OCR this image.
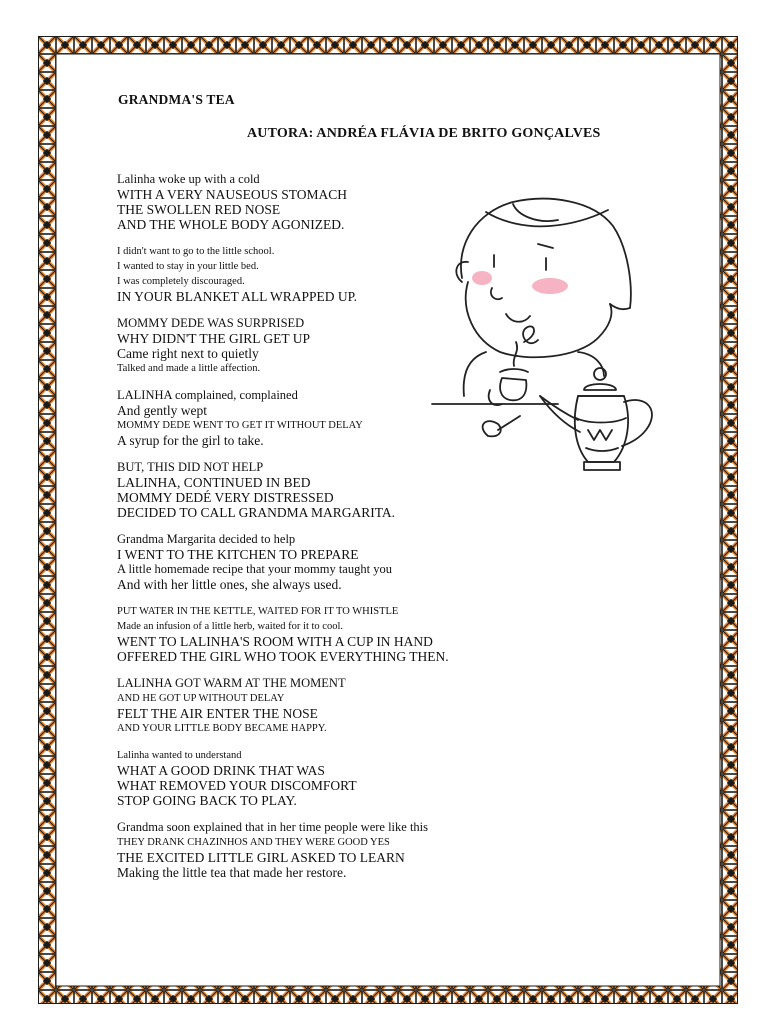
GRANDMA'S TEA
AUTORA: ANDRÉA FLÁVIA DE BRITO GONÇALVES

Lalinha woke up with a cold
WITH A VERY NAUSEOUS STOMACH
THE SWOLLEN RED NOSE
AND THE WHOLE BODY AGONIZED.

I didn't want to go to the little school.
I wanted to stay in your little bed.
I was completely discouraged.
IN YOUR BLANKET ALL WRAPPED UP.

MOMMY DEDE WAS SURPRISED
WHY DIDN'T THE GIRL GET UP
Came right next to quietly
Talked and made a little affection.

LALINHA complained, complained
And gently wept
MOMMY DEDE WENT TO GET IT WITHOUT DELAY
A syrup for the girl to take.

BUT, THIS DID NOT HELP
LALINHA, CONTINUED IN BED
MOMMY DEDÉ VERY DISTRESSED
DECIDED TO CALL GRANDMA MARGARITA.

Grandma Margarita decided to help
I WENT TO THE KITCHEN TO PREPARE
A little homemade recipe that your mommy taught you
And with her little ones, she always used.

PUT WATER IN THE KETTLE, WAITED FOR IT TO WHISTLE
Made an infusion of a little herb, waited for it to cool.
WENT TO LALINHA'S ROOM WITH A CUP IN HAND
OFFERED THE GIRL WHO TOOK EVERYTHING THEN.

LALINHA GOT WARM AT THE MOMENT
AND HE GOT UP WITHOUT DELAY
FELT THE AIR ENTER THE NOSE
AND YOUR LITTLE BODY BECAME HAPPY.

Lalinha wanted to understand
WHAT A GOOD DRINK THAT WAS
WHAT REMOVED YOUR DISCOMFORT
STOP GOING BACK TO PLAY.

Grandma soon explained that in her time people were like this
THEY DRANK CHAZINHOS AND THEY WERE GOOD YES
THE EXCITED LITTLE GIRL ASKED TO LEARN
Making the little tea that made her restore.
